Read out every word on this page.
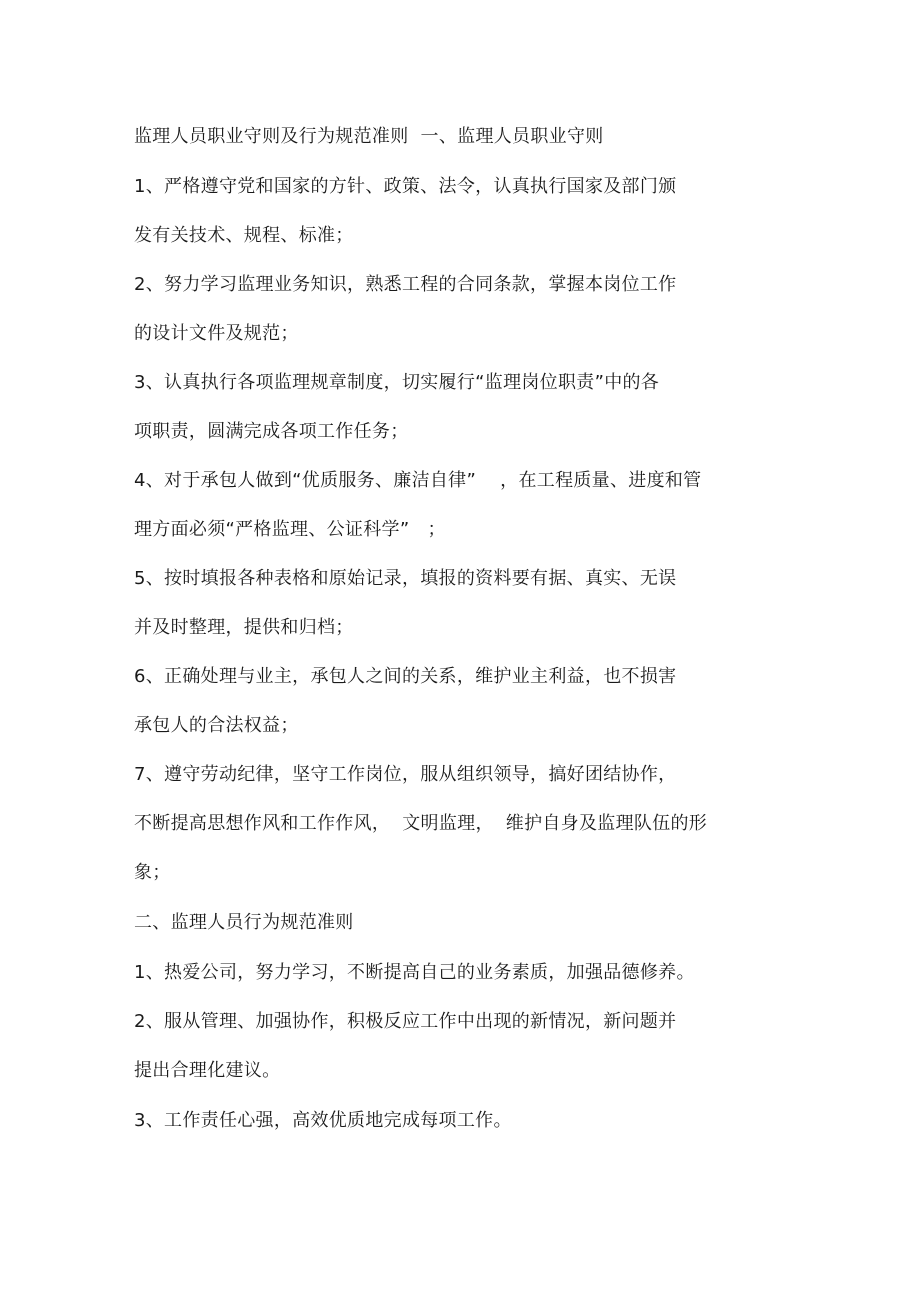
监理人员职业守则及行为规范准则  一、监理人员职业守则
1、严格遵守党和国家的方针、政策、法令，认真执行国家及部门颁
发有关技术、规程、标准；
2、努力学习监理业务知识，熟悉工程的合同条款，掌握本岗位工作
的设计文件及规范；
3、认真执行各项监理规章制度，切实履行“监理岗位职责”中的各
项职责，圆满完成各项工作任务；
4、对于承包人做到“优质服务、廉洁自律”    ，在工程质量、进度和管
理方面必须“严格监理、公证科学”   ；
5、按时填报各种表格和原始记录，填报的资料要有据、真实、无误
并及时整理，提供和归档；
6、正确处理与业主，承包人之间的关系，维护业主利益，也不损害
承包人的合法权益；
7、遵守劳动纪律，坚守工作岗位，服从组织领导，搞好团结协作，
不断提高思想作风和工作作风，  文明监理，  维护自身及监理队伍的形
象；
二、监理人员行为规范准则
1、热爱公司，努力学习，不断提高自己的业务素质，加强品德修养。
2、服从管理、加强协作，积极反应工作中出现的新情况，新问题并
提出合理化建议。
3、工作责任心强，高效优质地完成每项工作。
